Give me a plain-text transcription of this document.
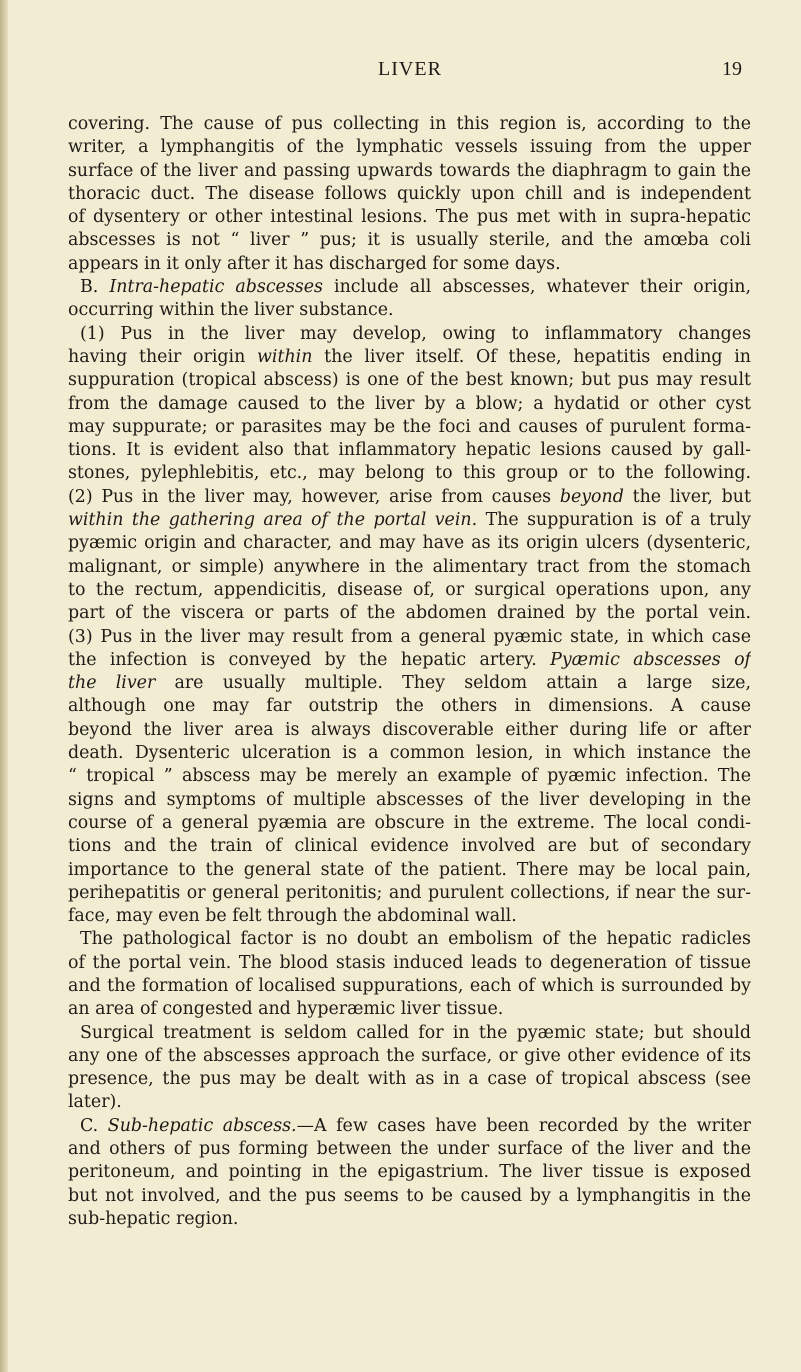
LIVER	19
covering. The cause of pus collecting in this region is, according to the
writer, a lymphangitis of the lymphatic vessels issuing from the upper
surface of the liver and passing upwards towards the diaphragm to gain the
thoracic duct. The disease follows quickly upon chill and is independent
of dysentery or other intestinal lesions. The pus met with in supra-hepatic
abscesses is not “ liver ” pus; it is usually sterile, and the amœba coli
appears in it only after it has discharged for some days.
B. Intra-hepatic abscesses include all abscesses, whatever their origin,
occurring within the liver substance.
(1) Pus in the liver may develop, owing to inflammatory changes
having their origin within the liver itself. Of these, hepatitis ending in
suppuration (tropical abscess) is one of the best known; but pus may result
from the damage caused to the liver by a blow; a hydatid or other cyst
may suppurate; or parasites may be the foci and causes of purulent forma-
tions. It is evident also that inflammatory hepatic lesions caused by gall-
stones, pylephlebitis, etc., may belong to this group or to the following.
(2) Pus in the liver may, however, arise from causes beyond the liver, but
within the gathering area of the portal vein. The suppuration is of a truly
pyæmic origin and character, and may have as its origin ulcers (dysenteric,
malignant, or simple) anywhere in the alimentary tract from the stomach
to the rectum, appendicitis, disease of, or surgical operations upon, any
part of the viscera or parts of the abdomen drained by the portal vein.
(3) Pus in the liver may result from a general pyæmic state, in which case
the infection is conveyed by the hepatic artery. Pyæmic abscesses of
the liver are usually multiple. They seldom attain a large size,
although one may far outstrip the others in dimensions. A cause
beyond the liver area is always discoverable either during life or after
death. Dysenteric ulceration is a common lesion, in which instance the
“ tropical ” abscess may be merely an example of pyæmic infection. The
signs and symptoms of multiple abscesses of the liver developing in the
course of a general pyæmia are obscure in the extreme. The local condi-
tions and the train of clinical evidence involved are but of secondary
importance to the general state of the patient. There may be local pain,
perihepatitis or general peritonitis; and purulent collections, if near the sur-
face, may even be felt through the abdominal wall.
The pathological factor is no doubt an embolism of the hepatic radicles
of the portal vein. The blood stasis induced leads to degeneration of tissue
and the formation of localised suppurations, each of which is surrounded by
an area of congested and hyperæmic liver tissue.
Surgical treatment is seldom called for in the pyæmic state; but should
any one of the abscesses approach the surface, or give other evidence of its
presence, the pus may be dealt with as in a case of tropical abscess (see
later).
C. Sub-hepatic abscess.—A few cases have been recorded by the writer
and others of pus forming between the under surface of the liver and the
peritoneum, and pointing in the epigastrium. The liver tissue is exposed
but not involved, and the pus seems to be caused by a lymphangitis in the
sub-hepatic region.
